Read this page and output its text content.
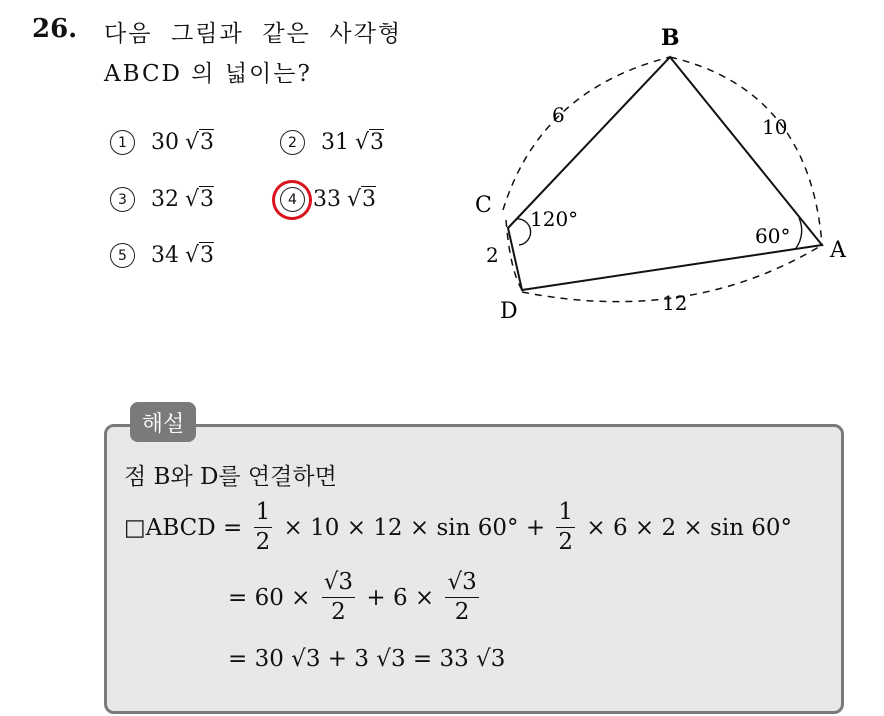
26. 다음  그림과  같은  사각형
ABCD 의 넓이는?
1	30 √3	2	31 √3
3	32 √3	4 33 √3
5	34 √3
B
A
C
D
6	10
2
12
120°
60°
해설
점 B와 D를 연결하면
□ABCD = $\frac{1}{2} \times 10 \times 12 \times \sin 60^\circ + \frac{1}{2} \times 6 \times 2 \times \sin 60^\circ$
= $60 \times \frac{√3}{2} + 6 \times \frac{√3}{2}$
= 30 √3 + 3 √3 = 33 √3
